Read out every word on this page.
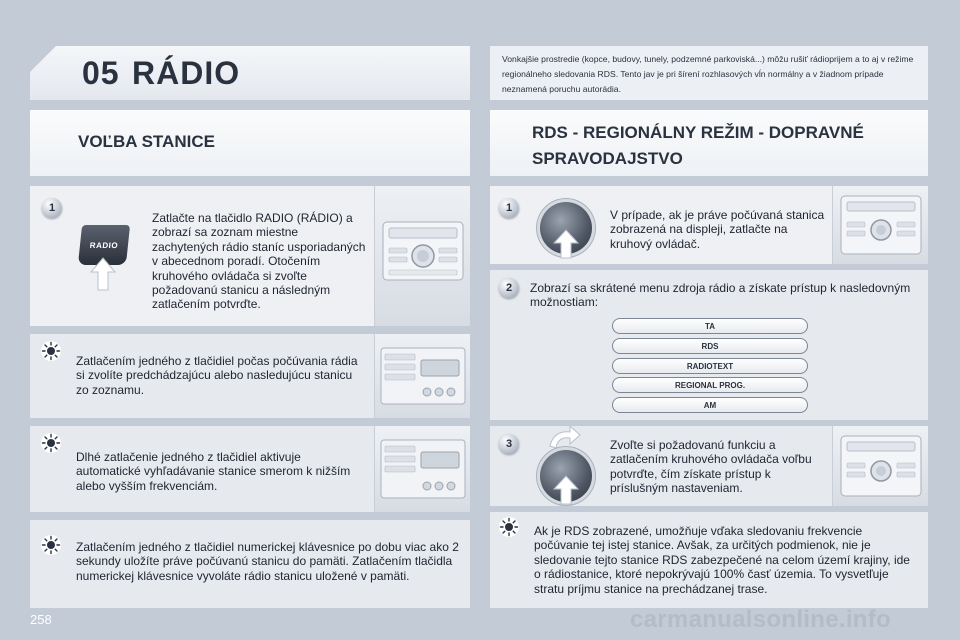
05 RÁDIO	Vonkajšie prostredie (kopce, budovy, tunely, podzemné parkoviská...) môžu rušiť rádioprijem a to aj v režime regionálneho sledovania RDS. Tento jav je pri šírení rozhlasových vĺn normálny a v žiadnom prípade neznamená poruchu autorádia.
VOĽBA STANICE	RDS - REGIONÁLNY REŽIM - DOPRAVNÉ
SPRAVODAJSTVO
1
RADIO
Zatlačte na tlačidlo RADIO (RÁDIO) a zobrazí sa zoznam miestne zachytených rádio staníc usporiadaných v abecednom poradí. Otočením kruhového ovládača si zvoľte požadovanú stanicu a následným zatlačením potvrďte.
Zatlačením jedného z tlačidiel počas počúvania rádia si zvolíte predchádzajúcu alebo nasledujúcu stanicu zo zoznamu.
Dlhé zatlačenie jedného z tlačidiel aktivuje automatické vyhľadávanie stanice smerom k nižším alebo vyšším frekvenciám.
Zatlačením jedného z tlačidiel numerickej klávesnice po dobu viac ako 2 sekundy uložíte práve počúvanú stanicu do pamäti. Zatlačením tlačidla numerickej klávesnice vyvoláte rádio stanicu uložené v pamäti.
1	V prípade, ak je práve počúvaná stanica zobrazená na displeji, zatlačte na kruhový ovládač.
2	Zobrazí sa skrátené menu zdroja rádio a získate prístup k nasledovným možnostiam:
TA
RDS
RADIOTEXT
REGIONAL PROG.
AM
3	Zvoľte si požadovanú funkciu a zatlačením kruhového ovládača voľbu potvrďte, čím získate prístup k príslušným nastaveniam.
Ak je RDS zobrazené, umožňuje vďaka sledovaniu frekvencie počúvanie tej istej stanice. Avšak, za určitých podmienok, nie je sledovanie tejto stanice RDS zabezpečené na celom území krajiny, ide o rádiostanice, ktoré nepokrývajú 100% časť územia. To vysvetľuje stratu príjmu stanice na prechádzanej trase.
258	carmanualsonline.info
